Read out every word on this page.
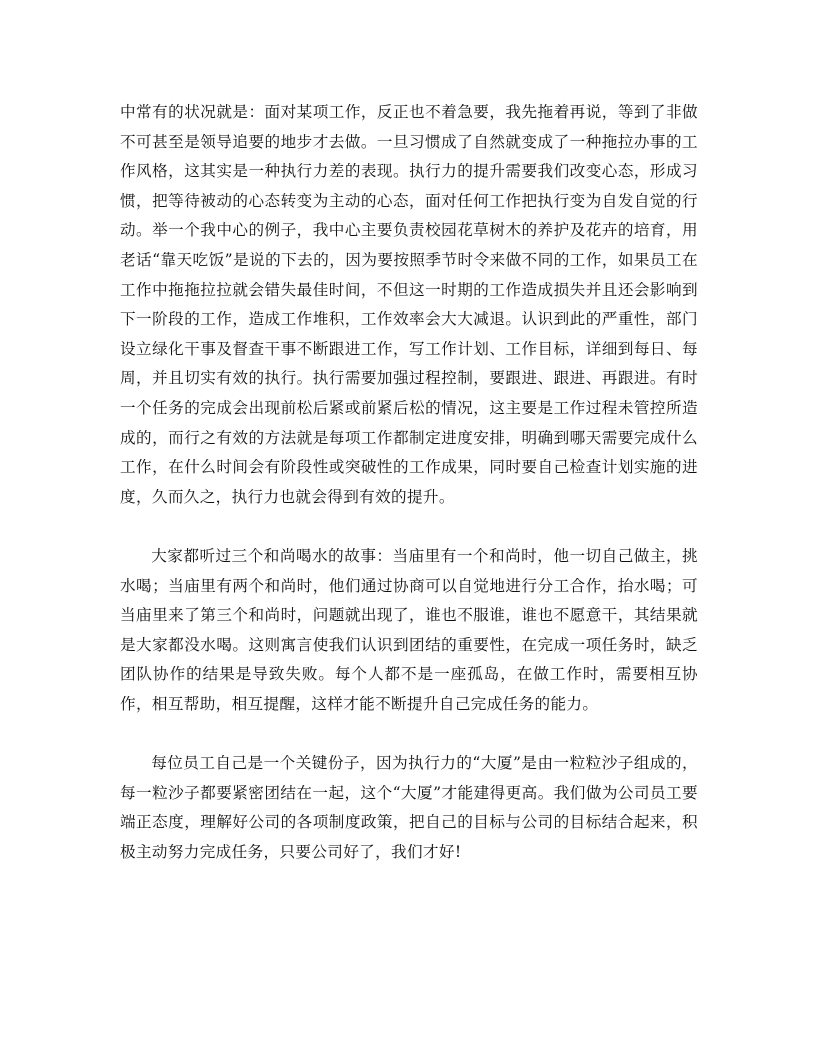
中常有的状况就是：面对某项工作，反正也不着急要，我先拖着再说，等到了非做不可甚至是领导追要的地步才去做。一旦习惯成了自然就变成了一种拖拉办事的工作风格，这其实是一种执行力差的表现。执行力的提升需要我们改变心态，形成习惯，把等待被动的心态转变为主动的心态，面对任何工作把执行变为自发自觉的行动。举一个我中心的例子，我中心主要负责校园花草树木的养护及花卉的培育，用老话“靠天吃饭”是说的下去的，因为要按照季节时令来做不同的工作，如果员工在工作中拖拖拉拉就会错失最佳时间，不但这一时期的工作造成损失并且还会影响到下一阶段的工作，造成工作堆积，工作效率会大大减退。认识到此的严重性，部门设立绿化干事及督查干事不断跟进工作，写工作计划、工作目标，详细到每日、每周，并且切实有效的执行。执行需要加强过程控制，要跟进、跟进、再跟进。有时一个任务的完成会出现前松后紧或前紧后松的情况，这主要是工作过程未管控所造成的，而行之有效的方法就是每项工作都制定进度安排，明确到哪天需要完成什么工作，在什么时间会有阶段性或突破性的工作成果，同时要自己检查计划实施的进度，久而久之，执行力也就会得到有效的提升。

大家都听过三个和尚喝水的故事：当庙里有一个和尚时，他一切自己做主，挑水喝；当庙里有两个和尚时，他们通过协商可以自觉地进行分工合作，抬水喝；可当庙里来了第三个和尚时，问题就出现了，谁也不服谁，谁也不愿意干，其结果就是大家都没水喝。这则寓言使我们认识到团结的重要性，在完成一项任务时，缺乏团队协作的结果是导致失败。每个人都不是一座孤岛，在做工作时，需要相互协作，相互帮助，相互提醒，这样才能不断提升自己完成任务的能力。

每位员工自己是一个关键份子，因为执行力的“大厦”是由一粒粒沙子组成的，每一粒沙子都要紧密团结在一起，这个“大厦”才能建得更高。我们做为公司员工要端正态度，理解好公司的各项制度政策，把自己的目标与公司的目标结合起来，积极主动努力完成任务，只要公司好了，我们才好!
